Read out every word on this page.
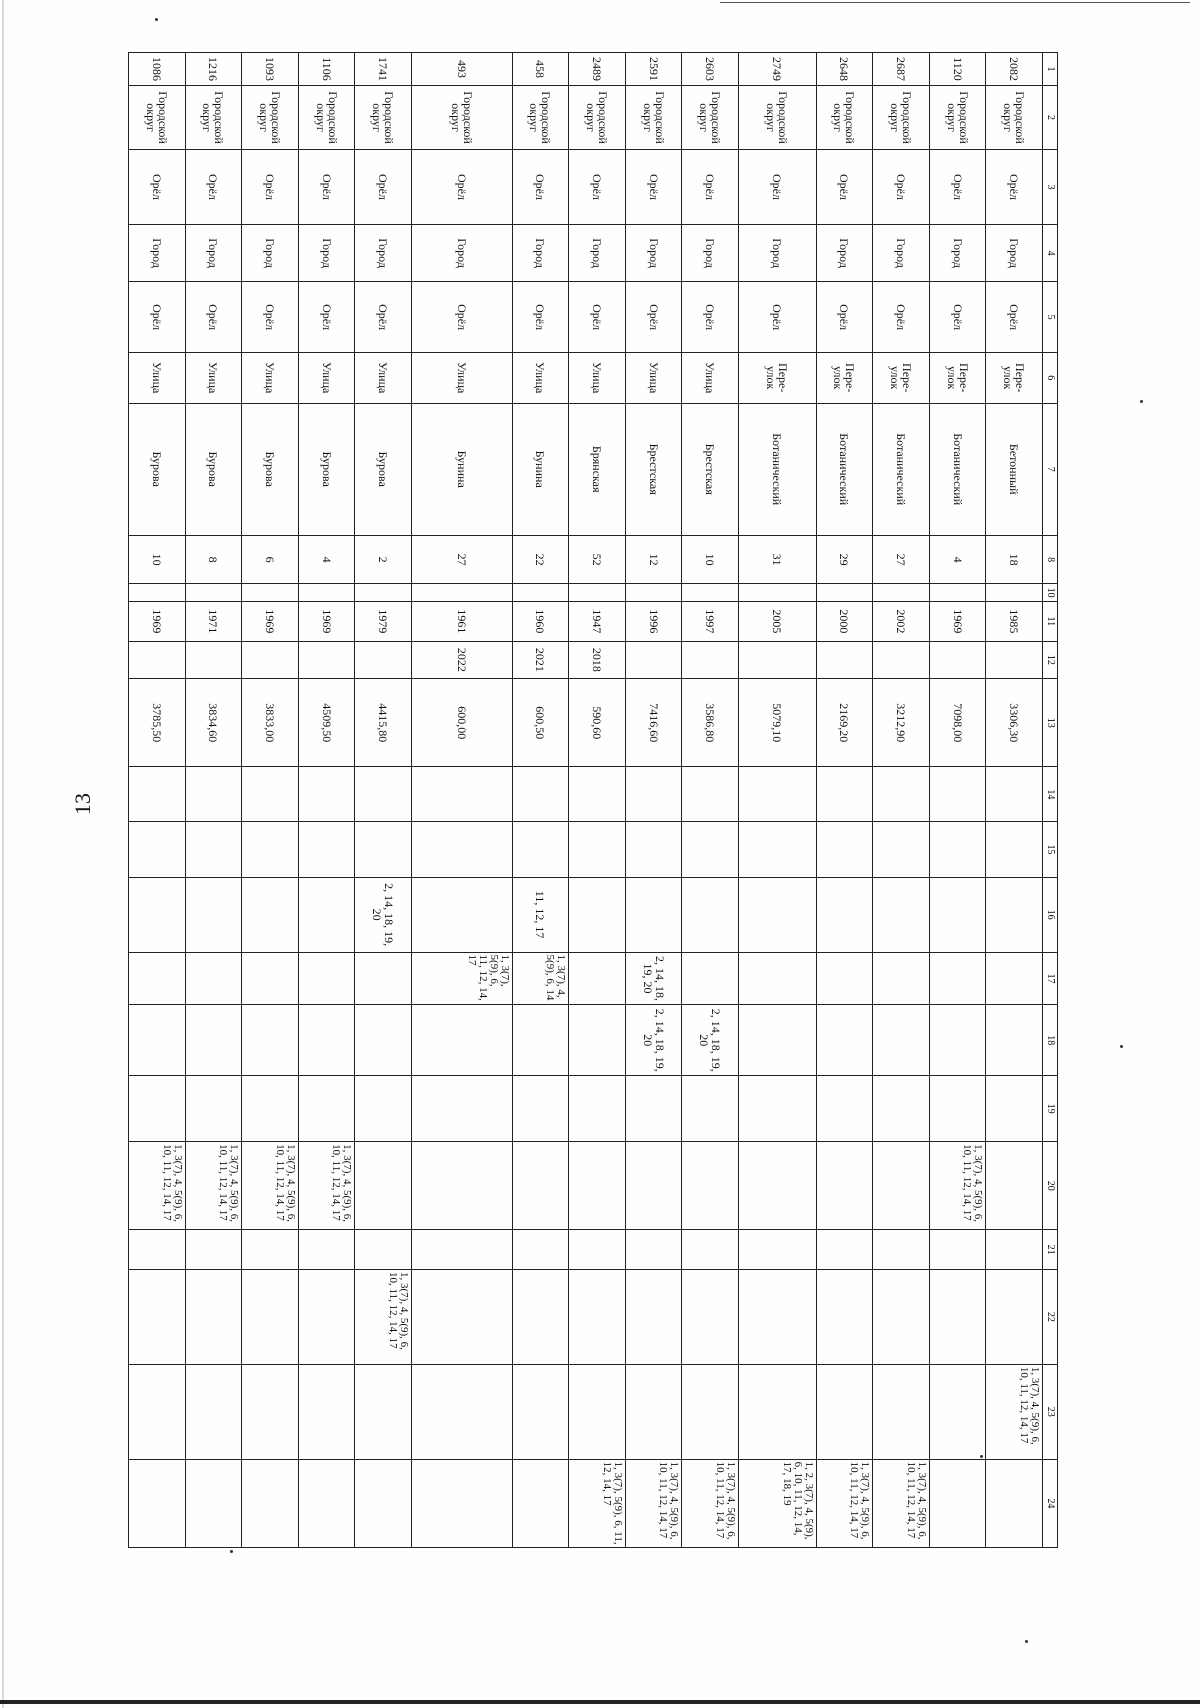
13
1	2	3	4	5	6	7	8	10	11	12	13	14	15	16	17	18	19	20	21	22	23	24
2082	Городской округ	Орёл	Город	Орёл	Пере-улок	Бетонный	18		1985		3306,30										1, 3(7), 4, 5(9), 6, 10, 11, 12, 14, 17	
1120	Городской округ	Орёл	Город	Орёл	Пере-улок	Ботанический	4		1969		7098,00							1, 3(7), 4, 5(9), 6, 10, 11, 12, 14, 17				
2687	Городской округ	Орёл	Город	Орёл	Пере-улок	Ботанический	27		2002		3212,90											1, 3(7), 4, 5(9), 6, 10, 11, 12, 14, 17
2648	Городской округ	Орёл	Город	Орёл	Пере-улок	Ботанический	29		2000		2169,20											1, 3(7), 4, 5(9), 6, 10, 11, 12, 14, 17
2749	Городской округ	Орёл	Город	Орёл	Пере-улок	Ботанический	31		2005		5079,10											1, 2, 3(7), 4, 5(9), 6, 10, 11, 12, 14, 17, 18, 19
2603	Городской округ	Орёл	Город	Орёл	Улица	Брестская	10		1997		3586,80					2, 14, 18, 19, 20						1, 3(7), 4, 5(9), 6, 10, 11, 12, 14, 17
2591	Городской округ	Орёл	Город	Орёл	Улица	Брестская	12		1996		7416,60				2, 14, 18, 19, 20	2, 14, 18, 19, 20						1, 3(7), 4, 5(9), 6, 10, 11, 12, 14, 17
2489	Городской округ	Орёл	Город	Орёл	Улица	Брянская	52		1947	2018	590,60											1, 3(7), 5(9), 6, 11, 12, 14, 17
458	Городской округ	Орёл	Город	Орёл	Улица	Бунина	22		1960	2021	600,50			11, 12, 17	1, 3(7), 4, 5(9), 6, 14							
493	Городской округ	Орёл	Город	Орёл	Улица	Бунина	27		1961	2022	600,00				1, 3(7), 5(9), 6, 11, 12, 14, 17							
1741	Городской округ	Орёл	Город	Орёл	Улица	Бурова	2		1979		4415,80			2, 14, 18, 19, 20						1, 3(7), 4, 5(9), 6, 10, 11, 12, 14, 17		
1106	Городской округ	Орёл	Город	Орёл	Улица	Бурова	4		1969		4509,50							1, 3(7), 4, 5(9), 6, 10, 11, 12, 14, 17				
1093	Городской округ	Орёл	Город	Орёл	Улица	Бурова	6		1969		3833,00							1, 3(7), 4, 5(9), 6, 10, 11, 12, 14, 17				
1216	Городской округ	Орёл	Город	Орёл	Улица	Бурова	8		1971		3834,60							1, 3(7), 4, 5(9), 6, 10, 11, 12, 14, 17				
1086	Городской округ	Орёл	Город	Орёл	Улица	Бурова	10		1969		3785,50							1, 3(7), 4, 5(9), 6, 10, 11, 12, 14, 17				
